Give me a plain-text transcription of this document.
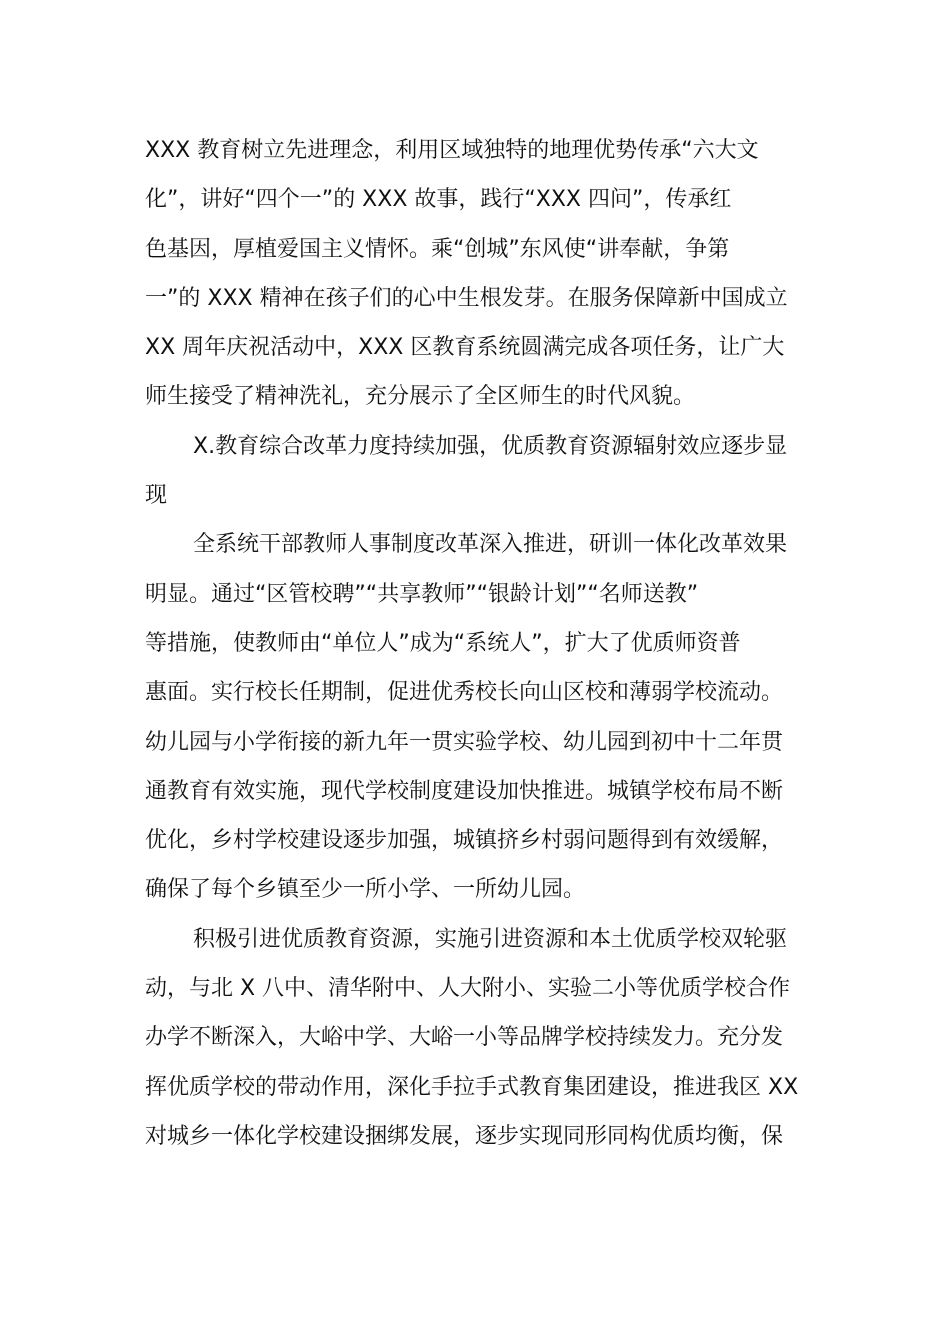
XXX 教育树立先进理念，利用区域独特的地理优势传承“六大文
化”，讲好“四个一”的 XXX 故事，践行“XXX 四问”，传承红
色基因，厚植爱国主义情怀。乘“创城”东风使“讲奉献，争第
一”的 XXX 精神在孩子们的心中生根发芽。在服务保障新中国成立
XX 周年庆祝活动中，XXX 区教育系统圆满完成各项任务，让广大
师生接受了精神洗礼，充分展示了全区师生的时代风貌。
X.教育综合改革力度持续加强，优质教育资源辐射效应逐步显
现
全系统干部教师人事制度改革深入推进，研训一体化改革效果
明显。通过“区管校聘”“共享教师”“银龄计划”“名师送教”
等措施，使教师由“单位人”成为“系统人”，扩大了优质师资普
惠面。实行校长任期制，促进优秀校长向山区校和薄弱学校流动。
幼儿园与小学衔接的新九年一贯实验学校、幼儿园到初中十二年贯
通教育有效实施，现代学校制度建设加快推进。城镇学校布局不断
优化，乡村学校建设逐步加强，城镇挤乡村弱问题得到有效缓解，
确保了每个乡镇至少一所小学、一所幼儿园。
积极引进优质教育资源，实施引进资源和本土优质学校双轮驱
动，与北 X 八中、清华附中、人大附小、实验二小等优质学校合作
办学不断深入，大峪中学、大峪一小等品牌学校持续发力。充分发
挥优质学校的带动作用，深化手拉手式教育集团建设，推进我区 XX
对城乡一体化学校建设捆绑发展，逐步实现同形同构优质均衡，保
